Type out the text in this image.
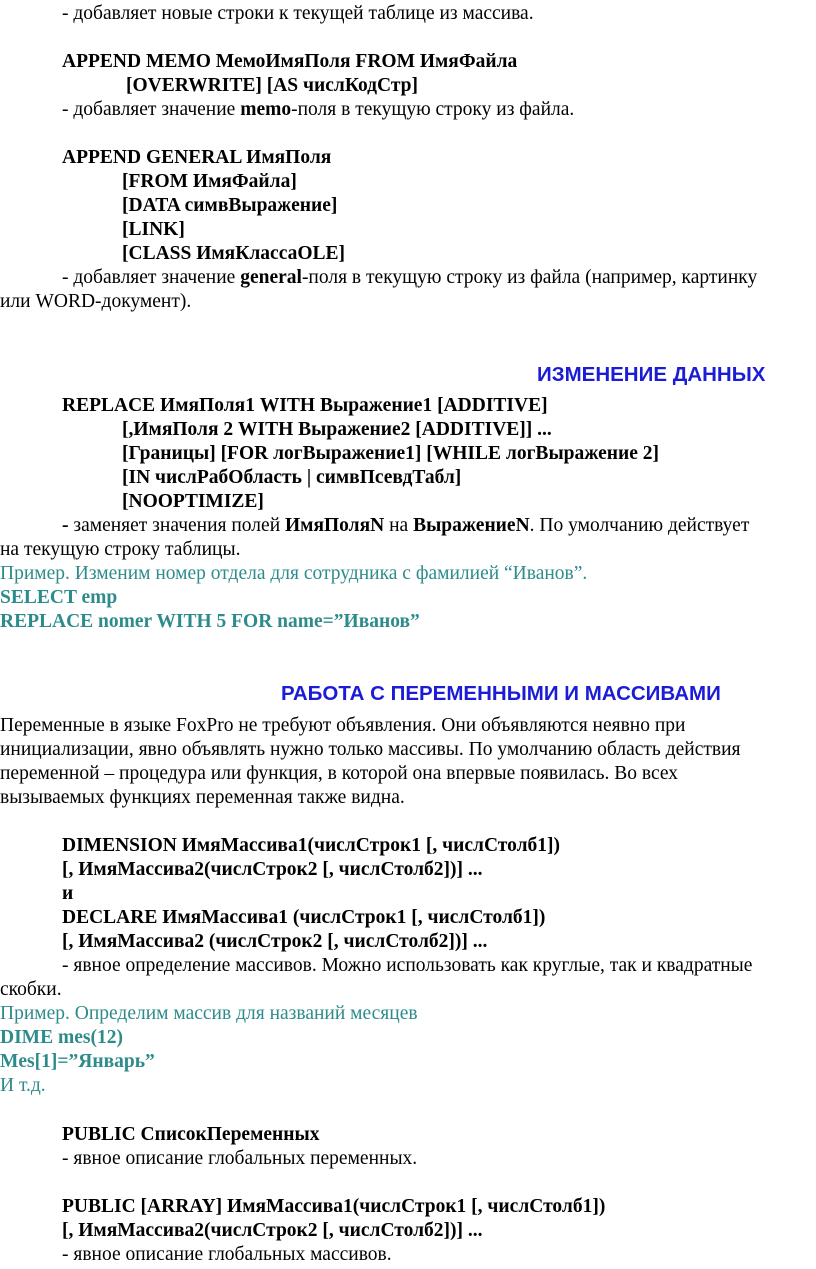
- добавляет новые строки к текущей таблице из массива.
APPEND MEMO МемоИмяПоля FROM ИмяФайла
[OVERWRITE] [AS числКодСтр]
- добавляет значение memo-поля в текущую строку из файла.
APPEND GENERAL ИмяПоля
[FROM ИмяФайла]
[DATA симвВыражение]
[LINK]
[CLASS ИмяКлассаOLE]
- добавляет значение general-поля в текущую строку из файла (например, картинку
или WORD-документ).
ИЗМЕНЕНИЕ ДАННЫХ
REPLACE ИмяПоля1 WITH Выражение1 [ADDITIVE]
[,ИмяПоля 2 WITH Выражение2 [ADDITIVE]] ...
[Границы] [FOR логВыражение1] [WHILE логВыражение 2]
[IN числРабОбласть | симвПсевдТабл]
[NOOPTIMIZE]
- заменяет значения полей ИмяПоляN на ВыражениеN. По умолчанию действует
на текущую строку таблицы.
Пример. Изменим номер отдела для сотрудника с фамилией “Иванов”.
SELECT emp
REPLACE nomer WITH 5 FOR name=”Иванов”
РАБОТА С ПЕРЕМЕННЫМИ И МАССИВАМИ
Переменные в языке FoxPro не требуют объявления. Они объявляются неявно при
инициализации, явно объявлять нужно только массивы. По умолчанию область действия
переменной – процедура или функция, в которой она впервые появилась. Во всех
вызываемых функциях переменная также видна.
DIMENSION ИмяМассива1(числСтрок1 [, числСтолб1])
[, ИмяМассива2(числСтрок2 [, числСтолб2])] ...
и
DECLARE ИмяМассива1 (числСтрок1 [, числСтолб1])
[, ИмяМассива2 (числСтрок2 [, числСтолб2])] ...
- явное определение массивов. Можно использовать как круглые, так и квадратные
скобки.
Пример. Определим массив для названий месяцев
DIME mes(12)
Mes[1]=”Январь”
И т.д.
PUBLIC СписокПеременных
- явное описание глобальных переменных.
PUBLIC [ARRAY] ИмяМассива1(числСтрок1 [, числСтолб1])
[, ИмяМассива2(числСтрок2 [, числСтолб2])] ...
- явное описание глобальных массивов.
